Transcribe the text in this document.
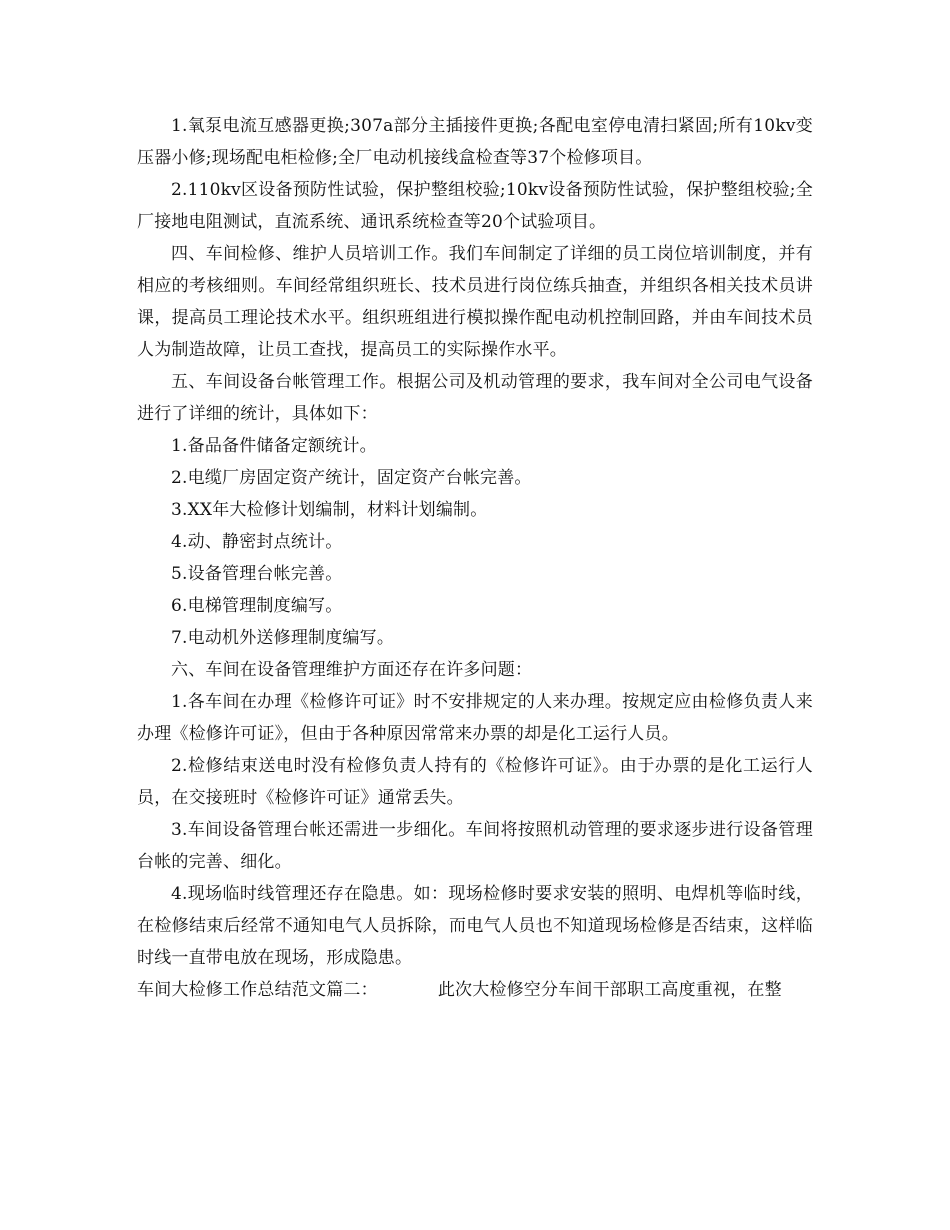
1.氧泵电流互感器更换;307a部分主插接件更换;各配电室停电清扫紧固;所有10kv变压器小修;现场配电柜检修;全厂电动机接线盒检查等37个检修项目。

2.110kv区设备预防性试验，保护整组校验;10kv设备预防性试验，保护整组校验;全厂接地电阻测试，直流系统、通讯系统检查等20个试验项目。

四、车间检修、维护人员培训工作。我们车间制定了详细的员工岗位培训制度，并有相应的考核细则。车间经常组织班长、技术员进行岗位练兵抽查，并组织各相关技术员讲课，提高员工理论技术水平。组织班组进行模拟操作配电动机控制回路，并由车间技术员人为制造故障，让员工查找，提高员工的实际操作水平。

五、车间设备台帐管理工作。根据公司及机动管理的要求，我车间对全公司电气设备进行了详细的统计，具体如下：

1.备品备件储备定额统计。

2.电缆厂房固定资产统计，固定资产台帐完善。

3.XX年大检修计划编制，材料计划编制。

4.动、静密封点统计。

5.设备管理台帐完善。

6.电梯管理制度编写。

7.电动机外送修理制度编写。

六、车间在设备管理维护方面还存在许多问题：

1.各车间在办理《检修许可证》时不安排规定的人来办理。按规定应由检修负责人来办理《检修许可证》，但由于各种原因常常来办票的却是化工运行人员。

2.检修结束送电时没有检修负责人持有的《检修许可证》。由于办票的是化工运行人员，在交接班时《检修许可证》通常丢失。

3.车间设备管理台帐还需进一步细化。车间将按照机动管理的要求逐步进行设备管理台帐的完善、细化。

4.现场临时线管理还存在隐患。如：现场检修时要求安装的照明、电焊机等临时线，在检修结束后经常不通知电气人员拆除，而电气人员也不知道现场检修是否结束，这样临时线一直带电放在现场，形成隐患。

车间大检修工作总结范文篇二：	此次大检修空分车间干部职工高度重视，在整
